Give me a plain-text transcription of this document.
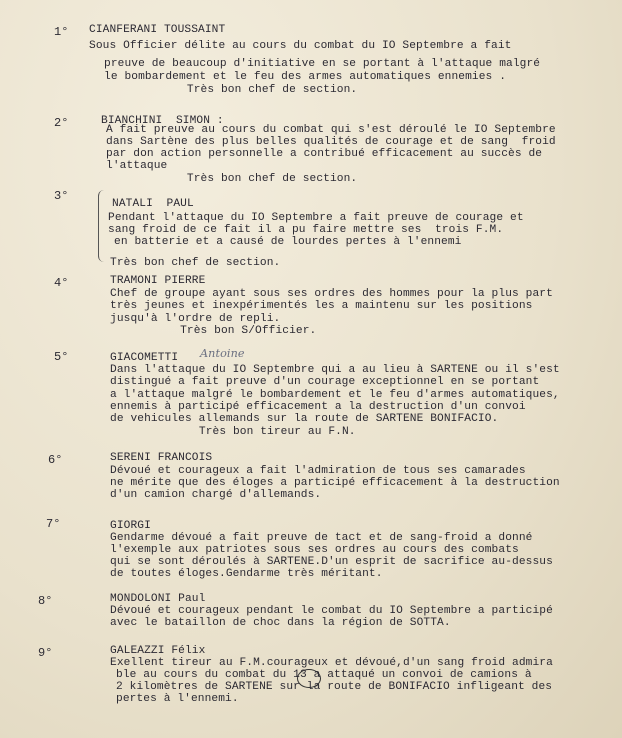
1° CIANFERANI TOUSSAINT
Sous Officier délite au cours du combat du IO Septembre a fait
preuve de beaucoup d'initiative en se portant à l'attaque malgré
le bombardement et le feu des armes automatiques ennemies .
Très bon chef de section.
2°	BIANCHINI  SIMON :
A fait preuve au cours du combat qui s'est déroulé le IO Septembre
dans Sartène des plus belles qualités de courage et de sang  froid
par don action personnelle a contribué efficacement au succès de
l'attaque
Très bon chef de section.
3°
NATALI  PAUL
Pendant l'attaque du IO Septembre a fait preuve de courage et
sang froid de ce fait il a pu faire mettre ses  trois F.M.
en batterie et a causé de lourdes pertes à l'ennemi
Très bon chef de section.
4°	TRAMONI PIERRE
Chef de groupe ayant sous ses ordres des hommes pour la plus part
très jeunes et inexpérimentés les a maintenu sur les positions
jusqu'à l'ordre de repli.
Très bon S/Officier.
5°	GIACOMETTI Antoine
Dans l'attaque du IO Septembre qui a au lieu à SARTENE ou il s'est
distingué a fait preuve d'un courage exceptionnel en se portant
a l'attaque malgré le bombardement et le feu d'armes automatiques,
ennemis à participé efficacement a la destruction d'un convoi
de vehicules allemands sur la route de SARTENE BONIFACIO.
Très bon tireur au F.N.
6°	SERENI FRANCOIS
Dévoué et courageux a fait l'admiration de tous ses camarades
ne mérite que des éloges a participé efficacement à la destruction
d'un camion chargé d'allemands.
7°	GIORGI
Gendarme dévoué a fait preuve de tact et de sang-froid a donné
l'exemple aux patriotes sous ses ordres au cours des combats
qui se sont déroulés à SARTENE.D'un esprit de sacrifice au-dessus
de toutes éloges.Gendarme très méritant.
8°	MONDOLONI Paul
Dévoué et courageux pendant le combat du IO Septembre a participé
avec le bataillon de choc dans la région de SOTTA.
9°	GALEAZZI Félix
Exellent tireur au F.M.courageux et dévoué,d'un sang froid admira
ble au cours du combat du 13 a attaqué un convoi de camions à
2 kilomètres de SARTENE sur la route de BONIFACIO infligeant des
pertes à l'ennemi.
